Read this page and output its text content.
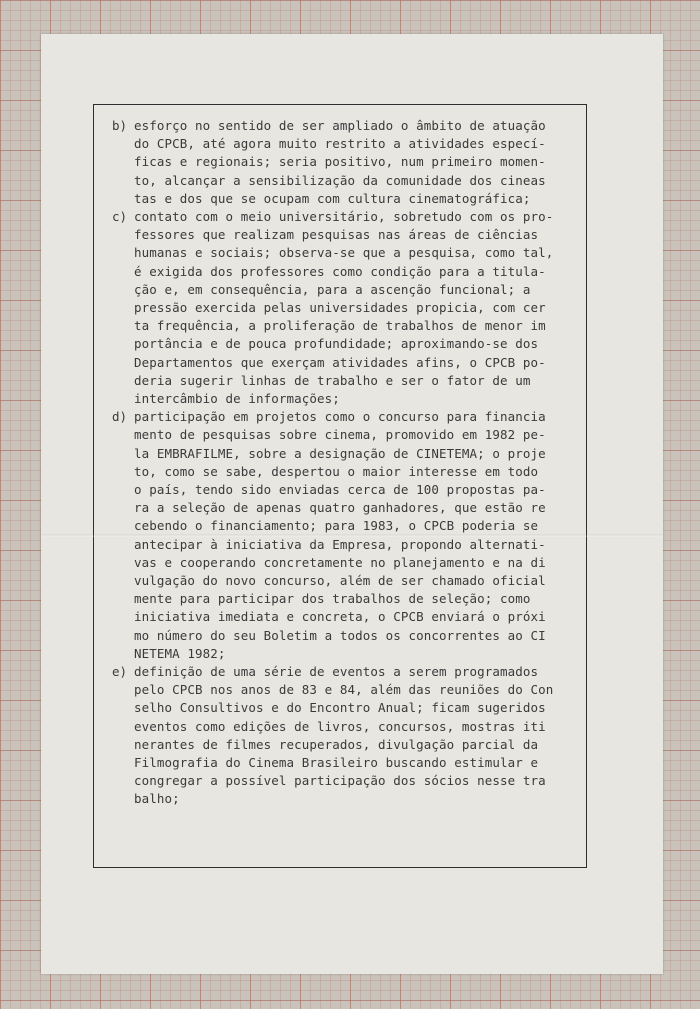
b) esforço no sentido de ser ampliado o âmbito de atuação
do CPCB, até agora muito restrito a atividades especí-
ficas e regionais; seria positivo, num primeiro momen-
to, alcançar a sensibilização da comunidade dos cineas
tas e dos que se ocupam com cultura cinematográfica;
c) contato com o meio universitário, sobretudo com os pro-
fessores que realizam pesquisas nas áreas de ciências
humanas e sociais; observa-se que a pesquisa, como tal,
é exigida dos professores como condição para a titula-
ção e, em consequência, para a ascenção funcional; a
pressão exercida pelas universidades propicia, com cer
ta frequência, a proliferação de trabalhos de menor im
portância e de pouca profundidade; aproximando-se dos
Departamentos que exerçam atividades afins, o CPCB po-
deria sugerir linhas de trabalho e ser o fator de um
intercâmbio de informações;
d) participação em projetos como o concurso para financia
mento de pesquisas sobre cinema, promovido em 1982 pe-
la EMBRAFILME, sobre a designação de CINETEMA; o proje
to, como se sabe, despertou o maior interesse em todo
o país, tendo sido enviadas cerca de 100 propostas pa-
ra a seleção de apenas quatro ganhadores, que estão re
cebendo o financiamento; para 1983, o CPCB poderia se
antecipar à iniciativa da Empresa, propondo alternati-
vas e cooperando concretamente no planejamento e na di
vulgação do novo concurso, além de ser chamado oficial
mente para participar dos trabalhos de seleção; como
iniciativa imediata e concreta, o CPCB enviará o próxi
mo número do seu Boletim a todos os concorrentes ao CI
NETEMA 1982;
e) definição de uma série de eventos a serem programados
pelo CPCB nos anos de 83 e 84, além das reuniões do Con
selho Consultivos e do Encontro Anual; ficam sugeridos
eventos como edições de livros, concursos, mostras iti
nerantes de filmes recuperados, divulgação parcial da
Filmografia do Cinema Brasileiro buscando estimular e
congregar a possível participação dos sócios nesse tra
balho;
